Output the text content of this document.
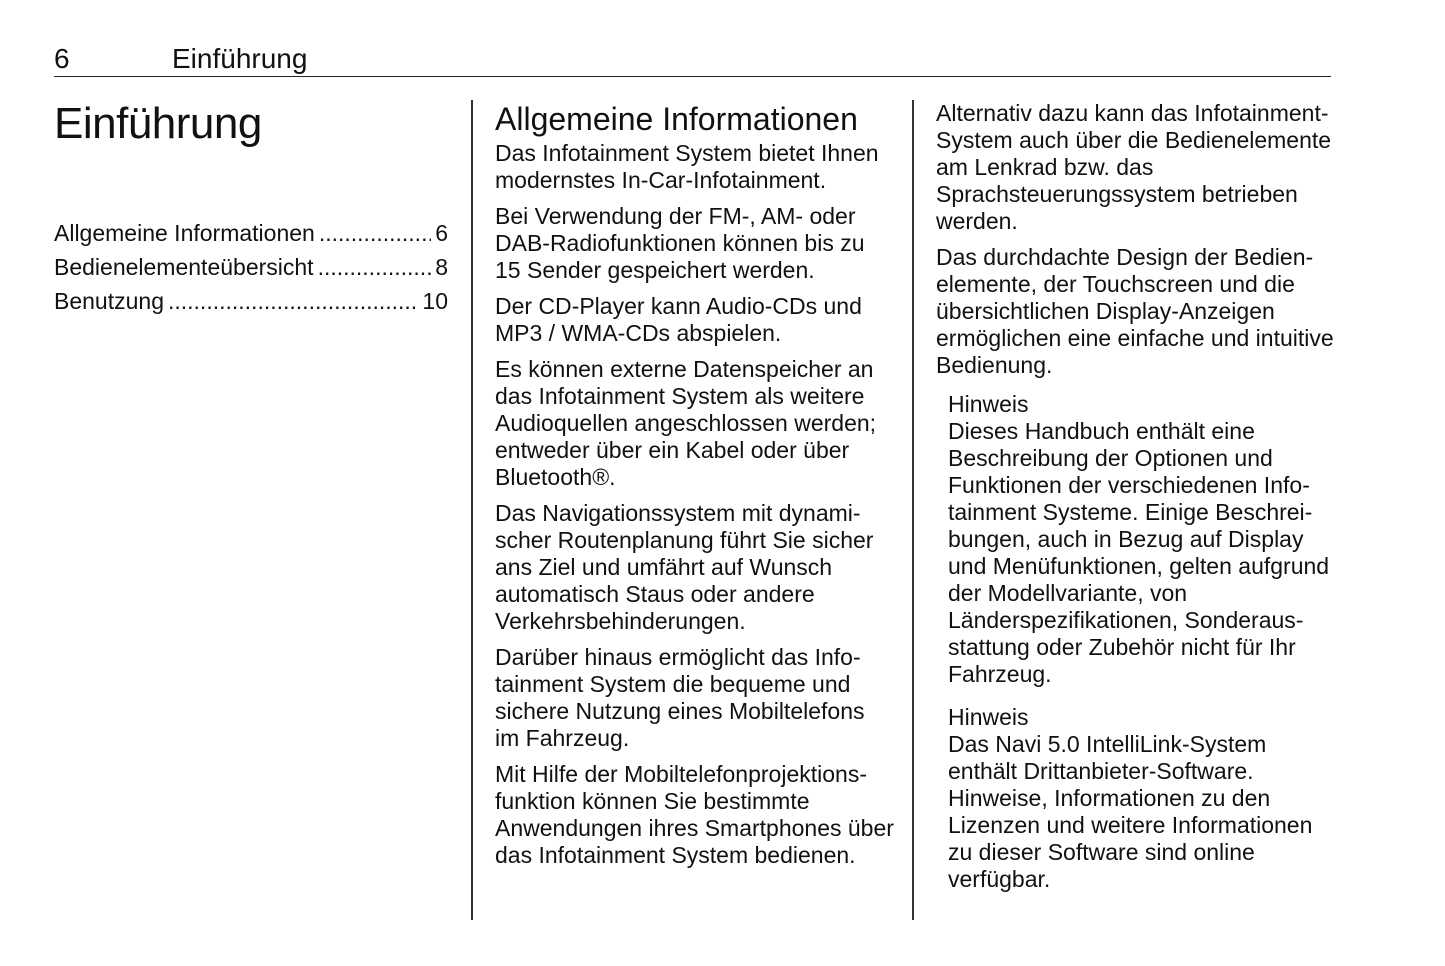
6	Einführung
Einführung
Allgemeine Informationen .....	6
Bedienelementeübersicht .....	8
Benutzung .....	10
Allgemeine Informationen

Das Infotainment System bietet Ihnen modernstes In-Car-Infotainment.

Bei Verwendung der FM-, AM- oder DAB-Radiofunktionen können bis zu 15 Sender gespeichert werden.

Der CD-Player kann Audio-CDs und MP3 / WMA-CDs abspielen.

Es können externe Datenspeicher an das Infotainment System als weitere Audioquellen angeschlossen werden; entweder über ein Kabel oder über Bluetooth®.

Das Navigationssystem mit dynamischer Routenplanung führt Sie sicher ans Ziel und umfährt auf Wunsch automatisch Staus oder andere Verkehrsbehinderungen.

Darüber hinaus ermöglicht das Infotainment System die bequeme und sichere Nutzung eines Mobiltelefons im Fahrzeug.

Mit Hilfe der Mobiltelefonprojektionsfunktion können Sie bestimmte Anwendungen ihres Smartphones über das Infotainment System bedienen.

Alternativ dazu kann das Infotainment-System auch über die Bedienelemente am Lenkrad bzw. das Sprachsteuerungssystem betrieben werden.

Das durchdachte Design der Bedienelemente, der Touchscreen und die übersichtlichen Display-Anzeigen ermöglichen eine einfache und intuitive Bedienung.

Hinweis

Dieses Handbuch enthält eine Beschreibung der Optionen und Funktionen der verschiedenen Infotainment Systeme. Einige Beschreibungen, auch in Bezug auf Display und Menüfunktionen, gelten aufgrund der Modellvariante, von Länderspezifikationen, Sonderausstattung oder Zubehör nicht für Ihr Fahrzeug.

Hinweis

Das Navi 5.0 IntelliLink-System enthält Drittanbieter-Software. Hinweise, Informationen zu den Lizenzen und weitere Informationen zu dieser Software sind online verfügbar.
